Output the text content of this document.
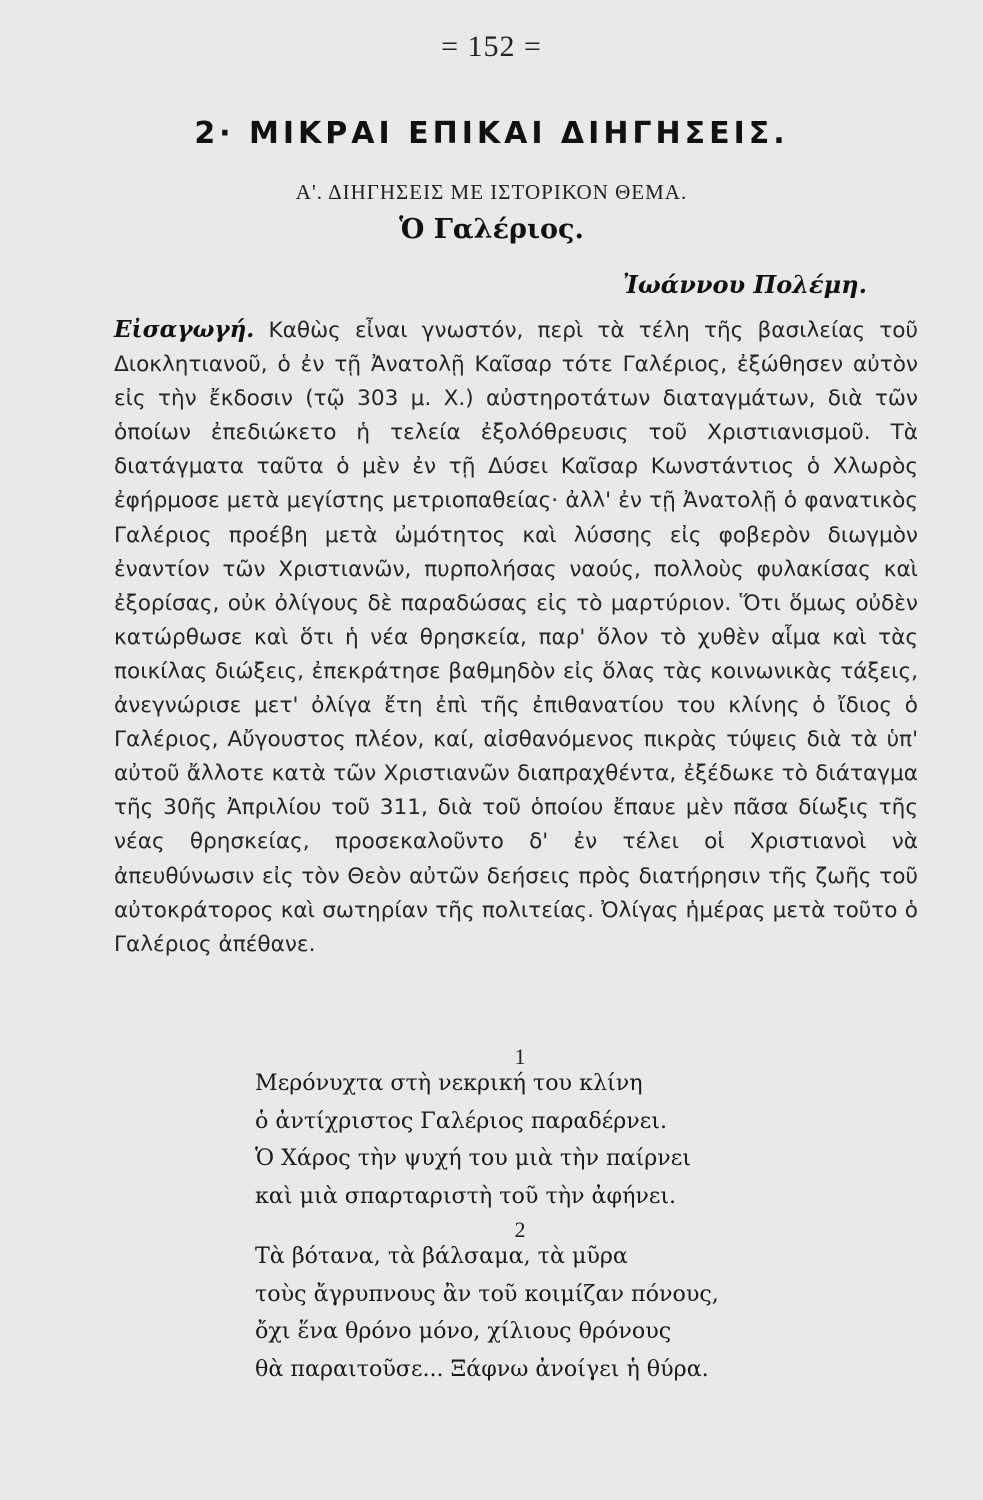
= 152 =
2· ΜΙΚΡΑΙ ΕΠΙΚΑΙ ΔΙΗΓΗΣΕΙΣ.
Α'. ΔΙΗΓΗΣΕΙΣ ΜΕ ΙΣΤΟΡΙΚΟΝ ΘΕΜΑ.
Ὁ Γαλέριος.
Ἰωάννου Πολέμη.

Εἰσαγωγή. Καθὼς εἶναι γνωστόν, περὶ τὰ τέλη τῆς βασιλείας τοῦ Διοκλητιανοῦ, ὁ ἐν τῇ Ἀνατολῇ Καῖσαρ τότε Γαλέριος, ἐξώθησεν αὐτὸν εἰς τὴν ἔκδοσιν (τῷ 303 μ. Χ.) αὐστηροτάτων διαταγμάτων, διὰ τῶν ὁποίων ἐπεδιώκετο ἡ τελεία ἐξολόθρευσις τοῦ Χριστιανισμοῦ. Τὰ διατάγματα ταῦτα ὁ μὲν ἐν τῇ Δύσει Καῖσαρ Κωνστάντιος ὁ Χλωρὸς ἐφήρμοσε μετὰ μεγίστης μετριοπαθείας· ἀλλ' ἐν τῇ Ἀνατολῇ ὁ φανατικὸς Γαλέριος προέβη μετὰ ὠμότητος καὶ λύσσης εἰς φοβερὸν διωγμὸν ἐναντίον τῶν Χριστιανῶν, πυρπολήσας ναούς, πολλοὺς φυλακίσας καὶ ἐξορίσας, οὐκ ὀλίγους δὲ παραδώσας εἰς τὸ μαρτύριον. Ὅτι ὅμως οὐδὲν κατώρθωσε καὶ ὅτι ἡ νέα θρησκεία, παρ' ὅλον τὸ χυθὲν αἷμα καὶ τὰς ποικίλας διώξεις, ἐπεκράτησε βαθμηδὸν εἰς ὅλας τὰς κοινωνικὰς τάξεις, ἀνεγνώρισε μετ' ὀλίγα ἔτη ἐπὶ τῆς ἐπιθανατίου του κλίνης ὁ ἴδιος ὁ Γαλέριος, Αὔγουστος πλέον, καί, αἰσθανόμενος πικρὰς τύψεις διὰ τὰ ὑπ' αὐτοῦ ἄλλοτε κατὰ τῶν Χριστιανῶν διαπραχθέντα, ἐξέδωκε τὸ διάταγμα τῆς 30ῆς Ἀπριλίου τοῦ 311, διὰ τοῦ ὁποίου ἔπαυε μὲν πᾶσα δίωξις τῆς νέας θρησκείας, προσεκαλοῦντο δ' ἐν τέλει οἱ Χριστιανοὶ νὰ ἀπευθύνωσιν εἰς τὸν Θεὸν αὐτῶν δεήσεις πρὸς διατήρησιν τῆς ζωῆς τοῦ αὐτοκράτορος καὶ σωτηρίαν τῆς πολιτείας. Ὀλίγας ἡμέρας μετὰ τοῦτο ὁ Γαλέριος ἀπέθανε.

1
Μερόνυχτα στὴ νεκρική του κλίνη
ὁ ἀντίχριστος Γαλέριος παραδέρνει.
Ὁ Χάρος τὴν ψυχή του μιὰ τὴν παίρνει
καὶ μιὰ σπαρταριστὴ τοῦ τὴν ἀφήνει.
2
Τὰ βότανα, τὰ βάλσαμα, τὰ μῦρα
τοὺς ἄγρυπνους ἂν τοῦ κοιμίζαν πόνους,
ὄχι ἕνα θρόνο μόνο, χίλιους θρόνους
θὰ παραιτοῦσε... Ξάφνω ἀνοίγει ἡ θύρα.
